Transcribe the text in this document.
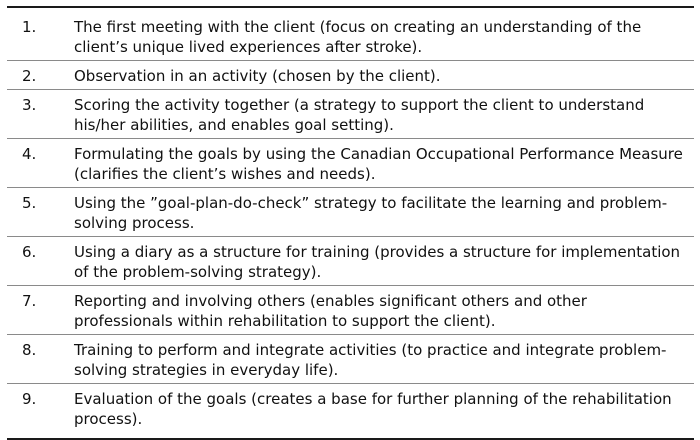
1.	The first meeting with the client (focus on creating an understanding of the client’s unique lived experiences after stroke).
2.	Observation in an activity (chosen by the client).
3.	Scoring the activity together (a strategy to support the client to understand his/her abilities, and enables goal setting).
4.	Formulating the goals by using the Canadian Occupational Performance Measure (clarifies the client’s wishes and needs).
5.	Using the ”goal-plan-do-check” strategy to facilitate the learning and problem-solving process.
6.	Using a diary as a structure for training (provides a structure for implementation of the problem-solving strategy).
7.	Reporting and involving others (enables significant others and other professionals within rehabilitation to support the client).
8.	Training to perform and integrate activities (to practice and integrate problem-solving strategies in everyday life).
9.	Evaluation of the goals (creates a base for further planning of the rehabilitation process).
